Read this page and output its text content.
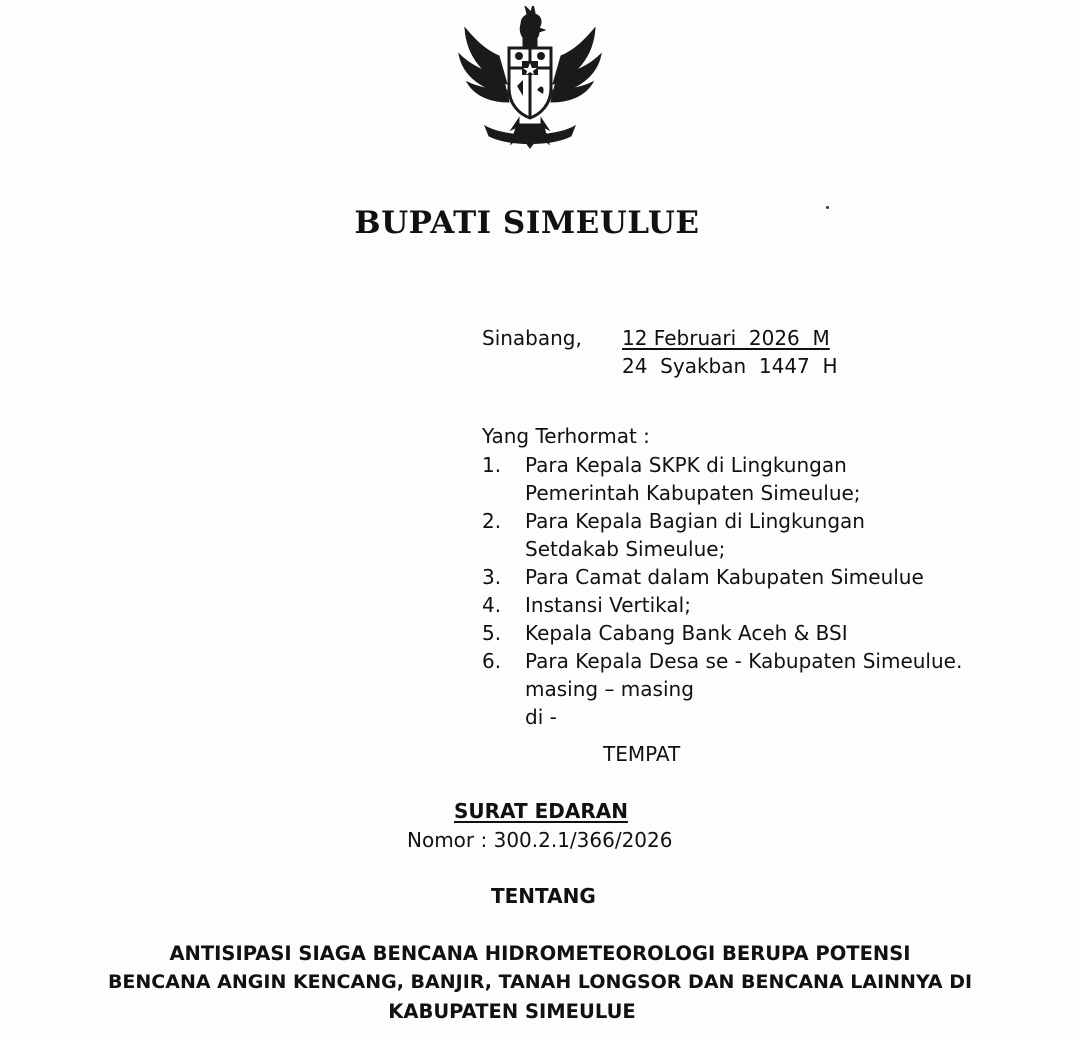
BUPATI SIMEULUE
Sinabang, 12 Februari  2026  M
24  Syakban  1447  H
Yang Terhormat :
1. Para Kepala SKPK di Lingkungan
Pemerintah Kabupaten Simeulue;
2. Para Kepala Bagian di Lingkungan
Setdakab Simeulue;
3. Para Camat dalam Kabupaten Simeulue
4. Instansi Vertikal;
5. Kepala Cabang Bank Aceh & BSI
6. Para Kepala Desa se - Kabupaten Simeulue.
masing – masing
di -
TEMPAT
SURAT EDARAN
Nomor : 300.2.1/366/2026
TENTANG
ANTISIPASI SIAGA BENCANA HIDROMETEOROLOGI BERUPA POTENSI
BENCANA ANGIN KENCANG, BANJIR, TANAH LONGSOR DAN BENCANA LAINNYA DI
KABUPATEN SIMEULUE
